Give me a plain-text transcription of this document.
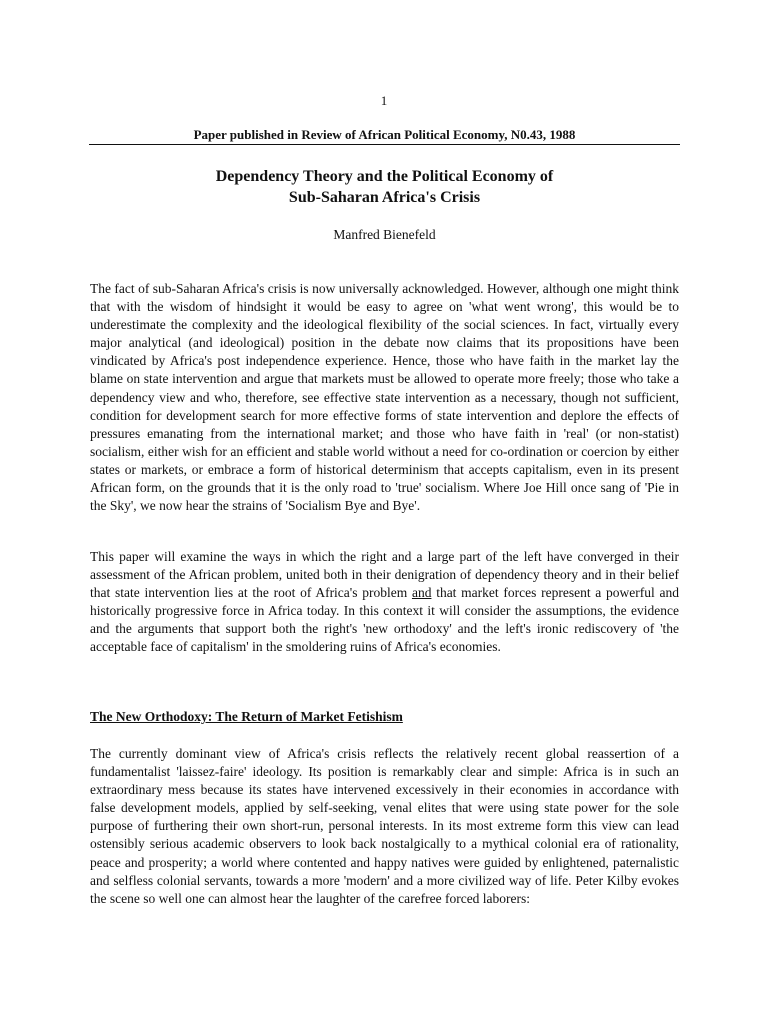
1
Paper published in Review of African Political Economy, N0.43, 1988
Dependency Theory and the Political Economy of
Sub-Saharan Africa's Crisis
Manfred Bienefeld

The fact of sub-Saharan Africa's crisis is now universally acknowledged. However, although one might think that with the wisdom of hindsight it would be easy to agree on 'what went wrong', this would be to underestimate the complexity and the ideological flexibility of the social sciences. In fact, virtually every major analytical (and ideological) position in the debate now claims that its propositions have been vindicated by Africa's post independence experience. Hence, those who have faith in the market lay the blame on state intervention and argue that markets must be allowed to operate more freely; those who take a dependency view and who, therefore, see effective state intervention as a necessary, though not sufficient, condition for development search for more effective forms of state intervention and deplore the effects of pressures emanating from the international market; and those who have faith in 'real' (or non-statist) socialism, either wish for an efficient and stable world without a need for co-ordination or coercion by either states or markets, or embrace a form of historical determinism that accepts capitalism, even in its present African form, on the grounds that it is the only road to 'true' socialism. Where Joe Hill once sang of 'Pie in the Sky', we now hear the strains of 'Socialism Bye and Bye'.

This paper will examine the ways in which the right and a large part of the left have converged in their assessment of the African problem, united both in their denigration of dependency theory and in their belief that state intervention lies at the root of Africa's problem and that market forces represent a powerful and historically progressive force in Africa today. In this context it will consider the assumptions, the evidence and the arguments that support both the right's 'new orthodoxy' and the left's ironic rediscovery of 'the acceptable face of capitalism' in the smoldering ruins of Africa's economies.

The New Orthodoxy: The Return of Market Fetishism

The currently dominant view of Africa's crisis reflects the relatively recent global reassertion of a fundamentalist 'laissez-faire' ideology. Its position is remarkably clear and simple: Africa is in such an extraordinary mess because its states have intervened excessively in their economies in accordance with false development models, applied by self-seeking, venal elites that were using state power for the sole purpose of furthering their own short-run, personal interests. In its most extreme form this view can lead ostensibly serious academic observers to look back nostalgically to a mythical colonial era of rationality, peace and prosperity; a world where contented and happy natives were guided by enlightened, paternalistic and selfless colonial servants, towards a more 'modern' and a more civilized way of life. Peter Kilby evokes the scene so well one can almost hear the laughter of the carefree forced laborers:
